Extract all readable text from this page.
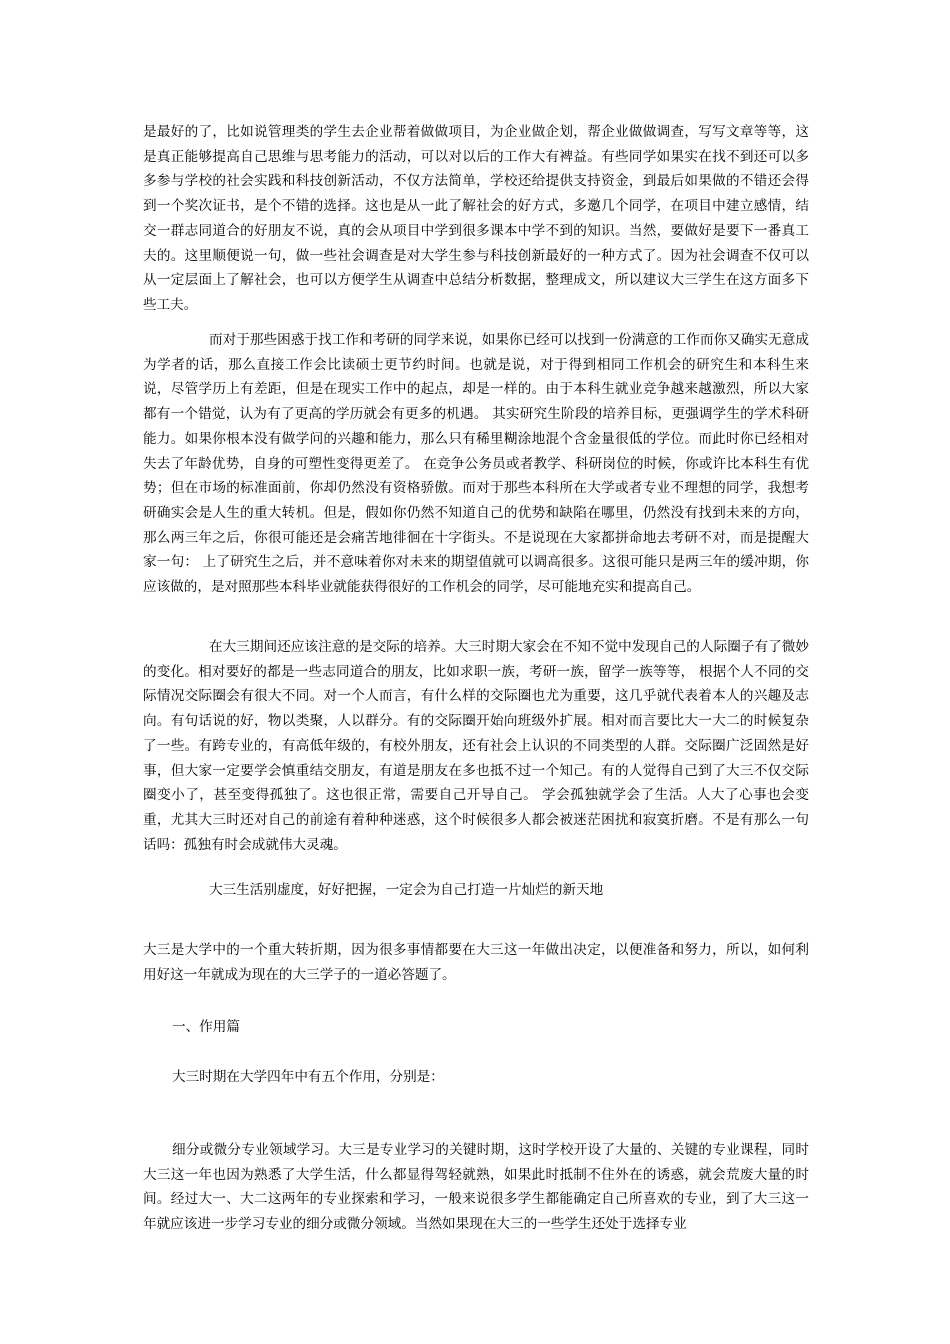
是最好的了，比如说管理类的学生去企业帮着做做项目，为企业做企划，帮企业做做调查，写写文章等等，这是真正能够提高自己思维与思考能力的活动，可以对以后的工作大有裨益。有些同学如果实在找不到还可以多多参与学校的社会实践和科技创新活动，不仅方法简单，学校还给提供支持资金，到最后如果做的不错还会得到一个奖次证书，是个不错的选择。这也是从一此了解社会的好方式，多邀几个同学，在项目中建立感情，结交一群志同道合的好朋友不说，真的会从项目中学到很多课本中学不到的知识。当然，要做好是要下一番真工夫的。这里顺便说一句，做一些社会调查是对大学生参与科技创新最好的一种方式了。因为社会调查不仅可以从一定层面上了解社会，也可以方便学生从调查中总结分析数据，整理成文，所以建议大三学生在这方面多下些工夫。

而对于那些困惑于找工作和考研的同学来说，如果你已经可以找到一份满意的工作而你又确实无意成为学者的话，那么直接工作会比读硕士更节约时间。也就是说，对于得到相同工作机会的研究生和本科生来说，尽管学历上有差距，但是在现实工作中的起点，却是一样的。由于本科生就业竞争越来越激烈，所以大家都有一个错觉，认为有了更高的学历就会有更多的机遇。 其实研究生阶段的培养目标，更强调学生的学术科研能力。如果你根本没有做学问的兴趣和能力，那么只有稀里糊涂地混个含金量很低的学位。而此时你已经相对失去了年龄优势，自身的可塑性变得更差了。 在竞争公务员或者教学、科研岗位的时候，你或许比本科生有优势；但在市场的标准面前，你却仍然没有资格骄傲。而对于那些本科所在大学或者专业不理想的同学，我想考研确实会是人生的重大转机。但是，假如你仍然不知道自己的优势和缺陷在哪里，仍然没有找到未来的方向，那么两三年之后，你很可能还是会痛苦地徘徊在十字街头。不是说现在大家都拼命地去考研不对，而是提醒大家一句： 上了研究生之后，并不意味着你对未来的期望值就可以调高很多。这很可能只是两三年的缓冲期，你应该做的，是对照那些本科毕业就能获得很好的工作机会的同学，尽可能地充实和提高自己。

在大三期间还应该注意的是交际的培养。大三时期大家会在不知不觉中发现自己的人际圈子有了微妙的变化。相对要好的都是一些志同道合的朋友，比如求职一族，考研一族，留学一族等等， 根据个人不同的交际情况交际圈会有很大不同。对一个人而言，有什么样的交际圈也尤为重要，这几乎就代表着本人的兴趣及志向。有句话说的好，物以类聚，人以群分。有的交际圈开始向班级外扩展。相对而言要比大一大二的时候复杂了一些。有跨专业的，有高低年级的，有校外朋友，还有社会上认识的不同类型的人群。交际圈广泛固然是好事，但大家一定要学会慎重结交朋友，有道是朋友在多也抵不过一个知己。有的人觉得自己到了大三不仅交际圈变小了，甚至变得孤独了。这也很正常，需要自己开导自己。 学会孤独就学会了生活。人大了心事也会变重，尤其大三时还对自己的前途有着种种迷惑，这个时候很多人都会被迷茫困扰和寂寞折磨。不是有那么一句话吗：孤独有时会成就伟大灵魂。

大三生活别虚度，好好把握，一定会为自己打造一片灿烂的新天地

大三是大学中的一个重大转折期，因为很多事情都要在大三这一年做出决定，以便准备和努力，所以，如何利用好这一年就成为现在的大三学子的一道必答题了。

一、作用篇

大三时期在大学四年中有五个作用，分别是：

细分或微分专业领域学习。大三是专业学习的关键时期，这时学校开设了大量的、关键的专业课程，同时大三这一年也因为熟悉了大学生活，什么都显得驾轻就熟，如果此时抵制不住外在的诱惑，就会荒废大量的时间。经过大一、大二这两年的专业探索和学习，一般来说很多学生都能确定自己所喜欢的专业，到了大三这一年就应该进一步学习专业的细分或微分领域。当然如果现在大三的一些学生还处于选择专业
